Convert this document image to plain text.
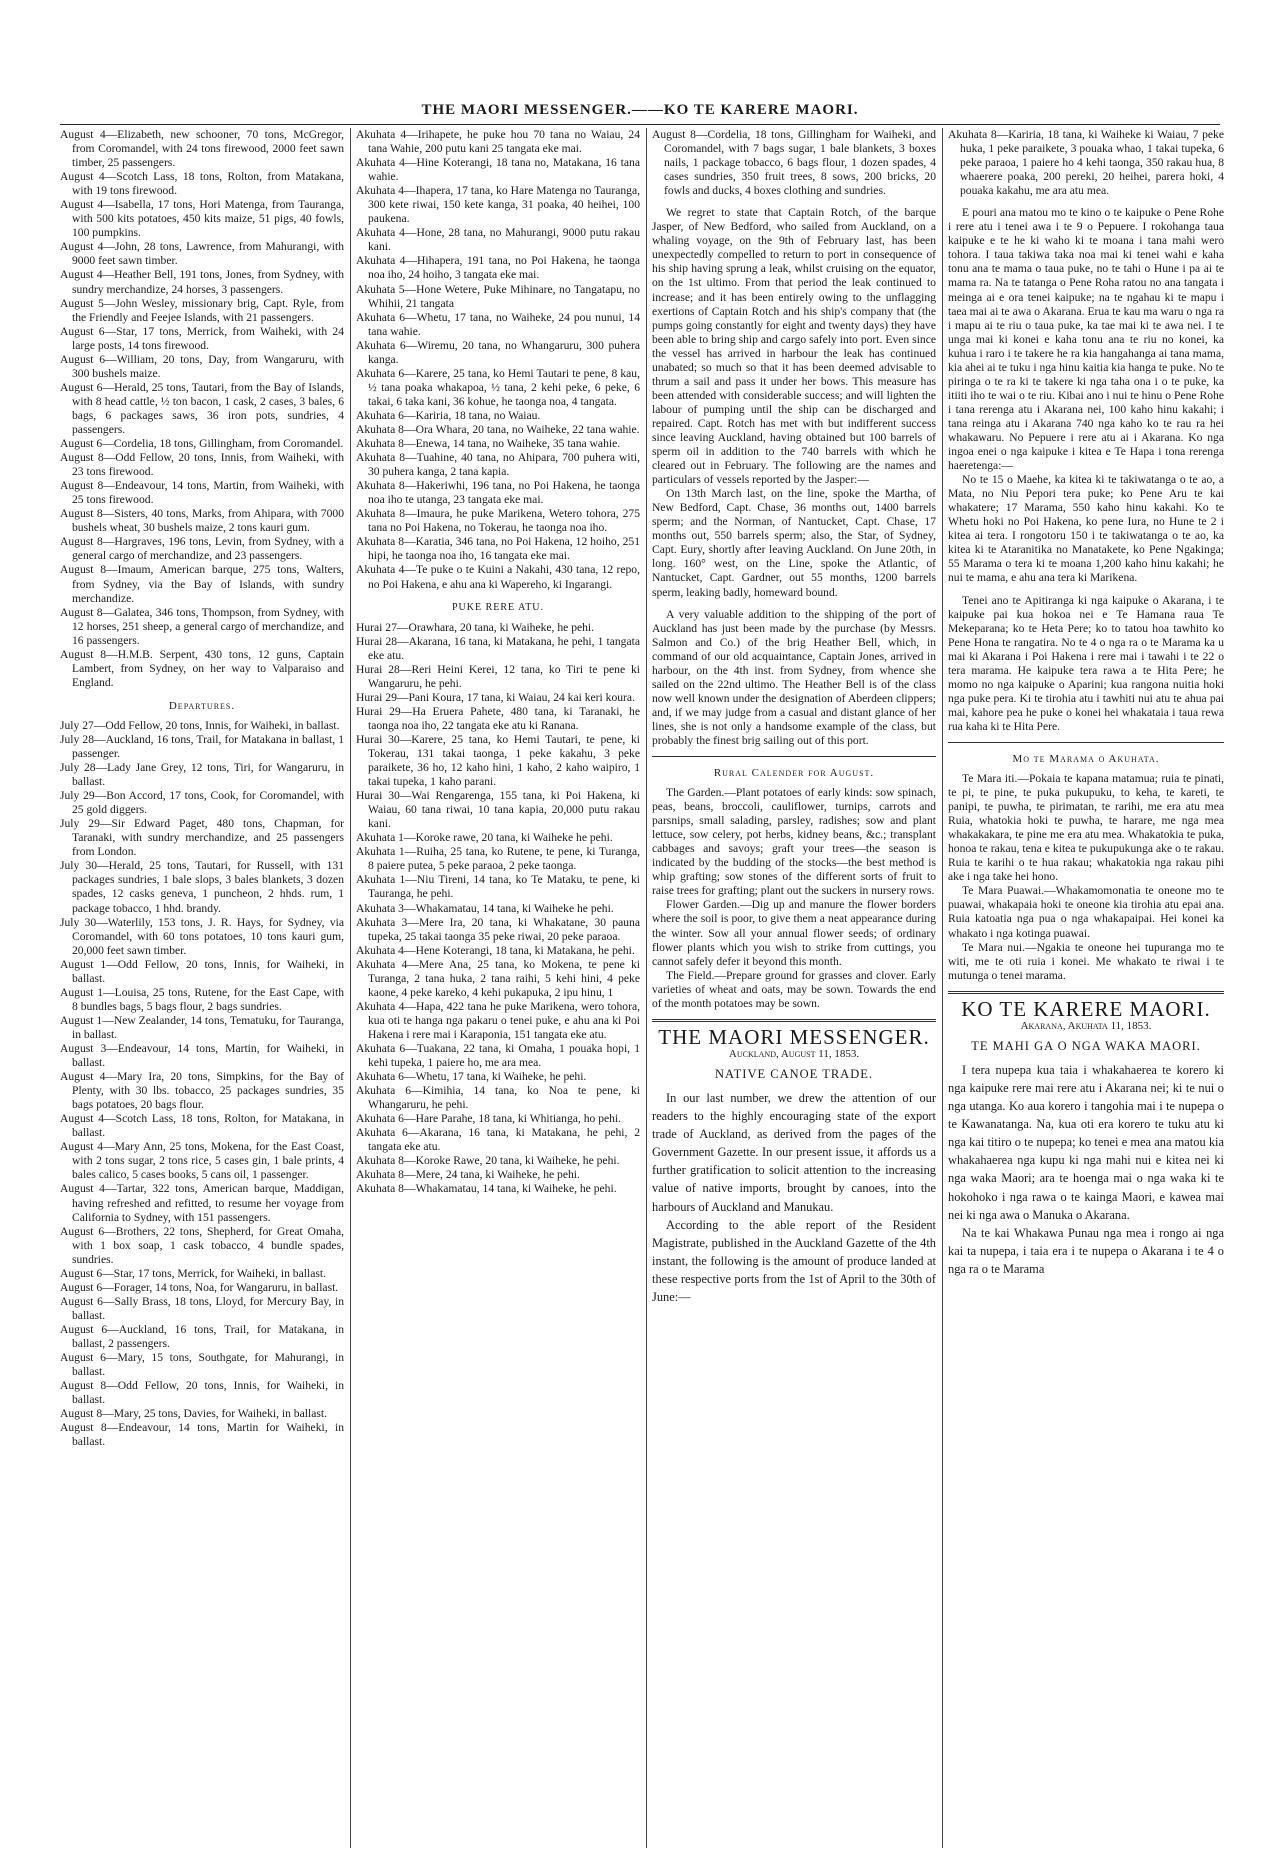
THE MAORI MESSENGER.——KO TE KARERE MAORI.

August 4—Elizabeth, new schooner, 70 tons, McGregor, from Coromandel, with 24 tons firewood, 2000 feet sawn timber, 25 passengers.

August 4—Scotch Lass, 18 tons, Rolton, from Matakana, with 19 tons firewood.

August 4—Isabella, 17 tons, Hori Matenga, from Tauranga, with 500 kits potatoes, 450 kits maize, 51 pigs, 40 fowls, 100 pumpkins.

August 4—John, 28 tons, Lawrence, from Mahurangi, with 9000 feet sawn timber.

August 4—Heather Bell, 191 tons, Jones, from Sydney, with sundry merchandize, 24 horses, 3 passengers.

August 5—John Wesley, missionary brig, Capt. Ryle, from the Friendly and Feejee Islands, with 21 passengers.

August 6—Star, 17 tons, Merrick, from Waiheki, with 24 large posts, 14 tons firewood.

August 6—William, 20 tons, Day, from Wangaruru, with 300 bushels maize.

August 6—Herald, 25 tons, Tautari, from the Bay of Islands, with 8 head cattle, ½ ton bacon, 1 cask, 2 cases, 3 bales, 6 bags, 6 packages saws, 36 iron pots, sundries, 4 passengers.

August 6—Cordelia, 18 tons, Gillingham, from Coromandel.

August 8—Odd Fellow, 20 tons, Innis, from Waiheki, with 23 tons firewood.

August 8—Endeavour, 14 tons, Martin, from Waiheki, with 25 tons firewood.

August 8—Sisters, 40 tons, Marks, from Ahipara, with 7000 bushels wheat, 30 bushels maize, 2 tons kauri gum.

August 8—Hargraves, 196 tons, Levin, from Sydney, with a general cargo of merchandize, and 23 passengers.

August 8—Imaum, American barque, 275 tons, Walters, from Sydney, via the Bay of Islands, with sundry merchandize.

August 8—Galatea, 346 tons, Thompson, from Sydney, with 12 horses, 251 sheep, a general cargo of merchandize, and 16 passengers.

August 8—H.M.B. Serpent, 430 tons, 12 guns, Captain Lambert, from Sydney, on her way to Valparaiso and England.

Departures.

July 27—Odd Fellow, 20 tons, Innis, for Waiheki, in ballast.

July 28—Auckland, 16 tons, Trail, for Matakana in ballast, 1 passenger.

July 28—Lady Jane Grey, 12 tons, Tiri, for Wangaruru, in ballast.

July 29—Bon Accord, 17 tons, Cook, for Coromandel, with 25 gold diggers.

July 29—Sir Edward Paget, 480 tons, Chapman, for Taranaki, with sundry merchandize, and 25 passengers from London.

July 30—Herald, 25 tons, Tautari, for Russell, with 131 packages sundries, 1 bale slops, 3 bales blankets, 3 dozen spades, 12 casks geneva, 1 puncheon, 2 hhds. rum, 1 package tobacco, 1 hhd. brandy.

July 30—Waterlily, 153 tons, J. R. Hays, for Sydney, via Coromandel, with 60 tons potatoes, 10 tons kauri gum, 20,000 feet sawn timber.

August 1—Odd Fellow, 20 tons, Innis, for Waiheki, in ballast.

August 1—Louisa, 25 tons, Rutene, for the East Cape, with 8 bundles bags, 5 bags flour, 2 bags sundries.

August 1—New Zealander, 14 tons, Tematuku, for Tauranga, in ballast.

August 3—Endeavour, 14 tons, Martin, for Waiheki, in ballast.

August 4—Mary Ira, 20 tons, Simpkins, for the Bay of Plenty, with 30 lbs. tobacco, 25 packages sundries, 35 bags potatoes, 20 bags flour.

August 4—Scotch Lass, 18 tons, Rolton, for Matakana, in ballast.

August 4—Mary Ann, 25 tons, Mokena, for the East Coast, with 2 tons sugar, 2 tons rice, 5 cases gin, 1 bale prints, 4 bales calico, 5 cases books, 5 cans oil, 1 passenger.

August 4—Tartar, 322 tons, American barque, Maddigan, having refreshed and refitted, to resume her voyage from California to Sydney, with 151 passengers.

August 6—Brothers, 22 tons, Shepherd, for Great Omaha, with 1 box soap, 1 cask tobacco, 4 bundle spades, sundries.

August 6—Star, 17 tons, Merrick, for Waiheki, in ballast.

August 6—Forager, 14 tons, Noa, for Wangaruru, in ballast.

August 6—Sally Brass, 18 tons, Lloyd, for Mercury Bay, in ballast.

August 6—Auckland, 16 tons, Trail, for Matakana, in ballast, 2 passengers.

August 6—Mary, 15 tons, Southgate, for Mahurangi, in ballast.

August 8—Odd Fellow, 20 tons, Innis, for Waiheki, in ballast.

August 8—Mary, 25 tons, Davies, for Waiheki, in ballast.

August 8—Endeavour, 14 tons, Martin for Waiheki, in ballast.

Akuhata 4—Irihapete, he puke hou 70 tana no Waiau, 24 tana Wahie, 200 putu kani 25 tangata eke mai.

Akuhata 4—Hine Koterangi, 18 tana no, Matakana, 16 tana wahie.

Akuhata 4—Ihapera, 17 tana, ko Hare Matenga no Tauranga, 300 kete riwai, 150 kete kanga, 31 poaka, 40 heihei, 100 paukena.

Akuhata 4—Hone, 28 tana, no Mahurangi, 9000 putu rakau kani.

Akuhata 4—Hihapera, 191 tana, no Poi Hakena, he taonga noa iho, 24 hoiho, 3 tangata eke mai.

Akuhata 5—Hone Wetere, Puke Mihinare, no Tangatapu, no Whihii, 21 tangata

Akuhata 6—Whetu, 17 tana, no Waiheke, 24 pou nunui, 14 tana wahie.

Akuhata 6—Wiremu, 20 tana, no Whangaruru, 300 puhera kanga.

Akuhata 6—Karere, 25 tana, ko Hemi Tautari te pene, 8 kau, ½ tana poaka whakapoa, ½ tana, 2 kehi peke, 6 peke, 6 takai, 6 taka kani, 36 kohue, he taonga noa, 4 tangata.

Akuhata 6—Kariria, 18 tana, no Waiau.

Akuhata 8—Ora Whara, 20 tana, no Waiheke, 22 tana wahie.

Akuhata 8—Enewa, 14 tana, no Waiheke, 35 tana wahie.

Akuhata 8—Tuahine, 40 tana, no Ahipara, 700 puhera witi, 30 puhera kanga, 2 tana kapia.

Akuhata 8—Hakeriwhi, 196 tana, no Poi Hakena, he taonga noa iho te utanga, 23 tangata eke mai.

Akuhata 8—Imaura, he puke Marikena, Wetero tohora, 275 tana no Poi Hakena, no Tokerau, he taonga noa iho.

Akuhata 8—Karatia, 346 tana, no Poi Hakena, 12 hoiho, 251 hipi, he taonga noa iho, 16 tangata eke mai.

Akuhata 4—Te puke o te Kuini a Nakahi, 430 tana, 12 repo, no Poi Hakena, e ahu ana ki Wapereho, ki Ingarangi.

PUKE RERE ATU.

Hurai 27—Orawhara, 20 tana, ki Waiheke, he pehi.

Hurai 28—Akarana, 16 tana, ki Matakana, he pehi, 1 tangata eke atu.

Hurai 28—Reri Heini Kerei, 12 tana, ko Tiri te pene ki Wangaruru, he pehi.

Hurai 29—Pani Koura, 17 tana, ki Waiau, 24 kai keri koura.

Hurai 29—Ha Eruera Pahete, 480 tana, ki Taranaki, he taonga noa iho, 22 tangata eke atu ki Ranana.

Hurai 30—Karere, 25 tana, ko Hemi Tautari, te pene, ki Tokerau, 131 takai taonga, 1 peke kakahu, 3 peke paraikete, 36 ho, 12 kaho hini, 1 kaho, 2 kaho waipiro, 1 takai tupeka, 1 kaho parani.

Hurai 30—Wai Rengarenga, 155 tana, ki Poi Hakena, ki Waiau, 60 tana riwai, 10 tana kapia, 20,000 putu rakau kani.

Akuhata 1—Koroke rawe, 20 tana, ki Waiheke he pehi.

Akuhata 1—Ruiha, 25 tana, ko Rutene, te pene, ki Turanga, 8 paiere putea, 5 peke paraoa, 2 peke taonga.

Akuhata 1—Niu Tireni, 14 tana, ko Te Mataku, te pene, ki Tauranga, he pehi.

Akuhata 3—Whakamatau, 14 tana, ki Waiheke he pehi.

Akuhata 3—Mere Ira, 20 tana, ki Whakatane, 30 pauna tupeka, 25 takai taonga 35 peke riwai, 20 peke paraoa.

Akuhata 4—Hene Koterangi, 18 tana, ki Matakana, he pehi.

Akuhata 4—Mere Ana, 25 tana, ko Mokena, te pene ki Turanga, 2 tana huka, 2 tana raihi, 5 kehi hini, 4 peke kaone, 4 peke kareko, 4 kehi pukapuka, 2 ipu hinu, 1

Akuhata 4—Hapa, 422 tana he puke Marikena, wero tohora, kua oti te hanga nga pakaru o tenei puke, e ahu ana ki Poi Hakena i rere mai i Karaponia, 151 tangata eke atu.

Akuhata 6—Tuakana, 22 tana, ki Omaha, 1 pouaka hopi, 1 kehi tupeka, 1 paiere ho, me ara mea.

Akuhata 6—Whetu, 17 tana, ki Waiheke, he pehi.

Akuhata 6—Kimihia, 14 tana, ko Noa te pene, ki Whangaruru, he pehi.

Akuhata 6—Hare Parahe, 18 tana, ki Whitianga, ho pehi.

Akuhata 6—Akarana, 16 tana, ki Matakana, he pehi, 2 tangata eke atu.

Akuhata 8—Koroke Rawe, 20 tana, ki Waiheke, he pehi.

Akuhata 8—Mere, 24 tana, ki Waiheke, he pehi.

Akuhata 8—Whakamatau, 14 tana, ki Waiheke, he pehi.

August 8—Cordelia, 18 tons, Gillingham for Waiheki, and Coromandel, with 7 bags sugar, 1 bale blankets, 3 boxes nails, 1 package tobacco, 6 bags flour, 1 dozen spades, 4 cases sundries, 350 fruit trees, 8 sows, 200 bricks, 20 fowls and ducks, 4 boxes clothing and sundries.

We regret to state that Captain Rotch, of the barque Jasper, of New Bedford, who sailed from Auckland, on a whaling voyage, on the 9th of February last, has been unexpectedly compelled to return to port in consequence of his ship having sprung a leak, whilst cruising on the equator, on the 1st ultimo. From that period the leak continued to increase; and it has been entirely owing to the unflagging exertions of Captain Rotch and his ship's company that (the pumps going constantly for eight and twenty days) they have been able to bring ship and cargo safely into port. Even since the vessel has arrived in harbour the leak has continued unabated; so much so that it has been deemed advisable to thrum a sail and pass it under her bows. This measure has been attended with considerable success; and will lighten the labour of pumping until the ship can be discharged and repaired. Capt. Rotch has met with but indifferent success since leaving Auckland, having obtained but 100 barrels of sperm oil in addition to the 740 barrels with which he cleared out in February. The following are the names and particulars of vessels reported by the Jasper:—

On 13th March last, on the line, spoke the Martha, of New Bedford, Capt. Chase, 36 months out, 1400 barrels sperm; and the Norman, of Nantucket, Capt. Chase, 17 months out, 550 barrels sperm; also, the Star, of Sydney, Capt. Eury, shortly after leaving Auckland. On June 20th, in long. 160° west, on the Line, spoke the Atlantic, of Nantucket, Capt. Gardner, out 55 months, 1200 barrels sperm, leaking badly, homeward bound.

A very valuable addition to the shipping of the port of Auckland has just been made by the purchase (by Messrs. Salmon and Co.) of the brig Heather Bell, which, in command of our old acquaintance, Captain Jones, arrived in harbour, on the 4th inst. from Sydney, from whence she sailed on the 22nd ultimo. The Heather Bell is of the class now well known under the designation of Aberdeen clippers; and, if we may judge from a casual and distant glance of her lines, she is not only a handsome example of the class, but probably the finest brig sailing out of this port.

Rural Calender for August.

The Garden.—Plant potatoes of early kinds: sow spinach, peas, beans, broccoli, cauliflower, turnips, carrots and parsnips, small salading, parsley, radishes; sow and plant lettuce, sow celery, pot herbs, kidney beans, &c.; transplant cabbages and savoys; graft your trees—the season is indicated by the budding of the stocks—the best method is whip grafting; sow stones of the different sorts of fruit to raise trees for grafting; plant out the suckers in nursery rows.

Flower Garden.—Dig up and manure the flower borders where the soil is poor, to give them a neat appearance during the winter. Sow all your annual flower seeds; of ordinary flower plants which you wish to strike from cuttings, you cannot safely defer it beyond this month.

The Field.—Prepare ground for grasses and clover. Early varieties of wheat and oats, may be sown. Towards the end of the month potatoes may be sown.

THE MAORI MESSENGER.
Auckland, August 11, 1853.
NATIVE CANOE TRADE.

In our last number, we drew the attention of our readers to the highly encouraging state of the export trade of Auckland, as derived from the pages of the Government Gazette. In our present issue, it affords us a further gratification to solicit attention to the increasing value of native imports, brought by canoes, into the harbours of Auckland and Manukau.

According to the able report of the Resident Magistrate, published in the Auckland Gazette of the 4th instant, the following is the amount of produce landed at these respective ports from the 1st of April to the 30th of June:—

Akuhata 8—Kariria, 18 tana, ki Waiheke ki Waiau, 7 peke huka, 1 peke paraikete, 3 pouaka whao, 1 takai tupeka, 6 peke paraoa, 1 paiere ho 4 kehi taonga, 350 rakau hua, 8 whaerere poaka, 200 pereki, 20 heihei, parera hoki, 4 pouaka kakahu, me ara atu mea.

E pouri ana matou mo te kino o te kaipuke o Pene Rohe i rere atu i tenei awa i te 9 o Pepuere. I rokohanga taua kaipuke e te he ki waho ki te moana i tana mahi wero tohora. I taua takiwa taka noa mai ki tenei wahi e kaha tonu ana te mama o taua puke, no te tahi o Hune i pa ai te mama ra. Na te tatanga o Pene Roha ratou no ana tangata i meinga ai e ora tenei kaipuke; na te ngahau ki te mapu i taea mai ai te awa o Akarana. Erua te kau ma waru o nga ra i mapu ai te riu o taua puke, ka tae mai ki te awa nei. I te unga mai ki konei e kaha tonu ana te riu no konei, ka kuhua i raro i te takere he ra kia hangahanga ai tana mama, kia ahei ai te tuku i nga hinu kaitia kia hanga te puke. No te piringa o te ra ki te takere ki nga taha ona i o te puke, ka itiiti iho te wai o te riu. Kibai ano i nui te hinu o Pene Rohe i tana rerenga atu i Akarana nei, 100 kaho hinu kakahi; i tana reinga atu i Akarana 740 nga kaho ko te rau ra hei whakawaru. No Pepuere i rere atu ai i Akarana. Ko nga ingoa enei o nga kaipuke i kitea e Te Hapa i tona rerenga haeretenga:—

No te 15 o Maehe, ka kitea ki te takiwatanga o te ao, a Mata, no Niu Pepori tera puke; ko Pene Aru te kai whakatere; 17 Marama, 550 kaho hinu kakahi. Ko te Whetu hoki no Poi Hakena, ko pene Iura, no Hune te 2 i kitea ai tera. I rongotoru 150 i te takiwatanga o te ao, ka kitea ki te Ataranitika no Manatakete, ko Pene Ngakinga; 55 Marama o tera ki te moana 1,200 kaho hinu kakahi; he nui te mama, e ahu ana tera ki Marikena.

Tenei ano te Apitiranga ki nga kaipuke o Akarana, i te kaipuke pai kua hokoa nei e Te Hamana raua Te Mekeparana; ko te Heta Pere; ko to tatou hoa tawhito ko Pene Hona te rangatira. No te 4 o nga ra o te Marama ka u mai ki Akarana i Poi Hakena i rere mai i tawahi i te 22 o tera marama. He kaipuke tera rawa a te Hita Pere; he momo no nga kaipuke o Aparini; kua rangona nuitia hoki nga puke pera. Ki te tirohia atu i tawhiti nui atu te ahua pai mai, kahore pea he puke o konei hei whakataia i taua rewa rua kaha ki te Hita Pere.

Mo te Marama o Akuhata.

Te Mara iti.—Pokaia te kapana matamua; ruia te pinati, te pi, te pine, te puka pukupuku, to keha, te kareti, te panipi, te puwha, te pirimatan, te rarihi, me era atu mea Ruia, whatokia hoki te puwha, te harare, me nga mea whakakakara, te pine me era atu mea. Whakatokia te puka, honoa te rakau, tena e kitea te pukupukunga ake o te rakau. Ruia te karihi o te hua rakau; whakatokia nga rakau pihi ake i nga take hei hono.

Te Mara Puawai.—Whakamomonatia te oneone mo te puawai, whakapaia hoki te oneone kia tirohia atu epai ana. Ruia katoatia nga pua o nga whakapaipai. Hei konei ka whakato i nga kotinga puawai.

Te Mara nui.—Ngakia te oneone hei tupuranga mo te witi, me te oti ruia i konei. Me whakato te riwai i te mutunga o tenei marama.

KO TE KARERE MAORI.
Akarana, Akuhata 11, 1853.
TE MAHI GA O NGA WAKA MAORI.

I tera nupepa kua taia i whakahaerea te korero ki nga kaipuke rere mai rere atu i Akarana nei; ki te nui o nga utanga. Ko aua korero i tangohia mai i te nupepa o te Kawanatanga. Na, kua oti era korero te tuku atu ki nga kai titiro o te nupepa; ko tenei e mea ana matou kia whakahaerea nga kupu ki nga mahi nui e kitea nei ki nga waka Maori; ara te hoenga mai o nga waka ki te hokohoko i nga rawa o te kainga Maori, e kawea mai nei ki nga awa o Manuka o Akarana.

Na te kai Whakawa Punau nga mea i rongo ai nga kai ta nupepa, i taia era i te nupepa o Akarana i te 4 o nga ra o te Marama
